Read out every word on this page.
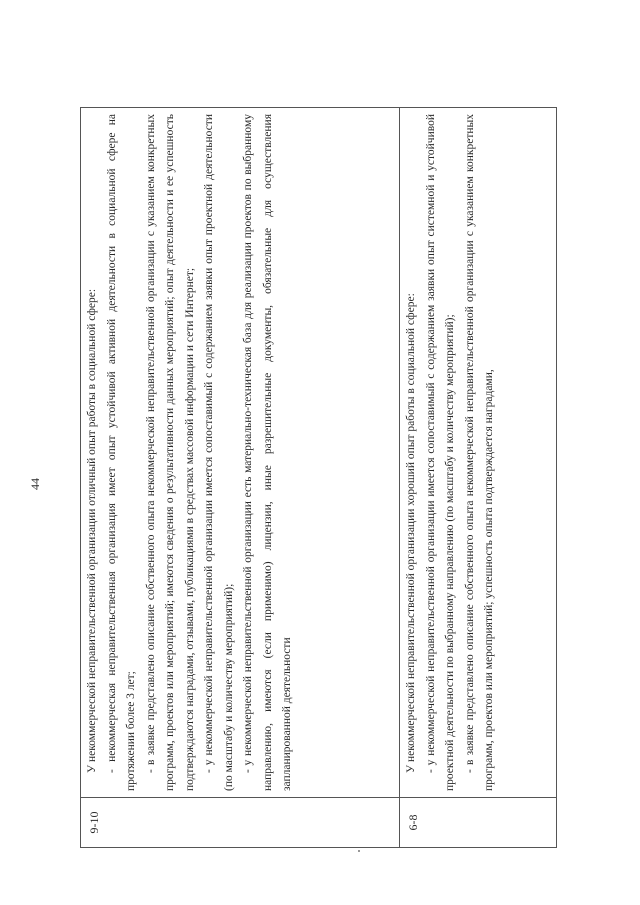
44
9-10	У некоммерческой неправительственной организации отличный опыт работы в социальной сфере: - некоммерческая неправительственная организация имеет опыт устойчивой активной деятельности в социальной сфере на протяжении более 3 лет; - в заявке представлено описание собственного опыта некоммерческой неправительственной организации с указанием конкретных программ, проектов или мероприятий; имеются сведения о результативности данных мероприятий; опыт деятельности и ее успешность подтверждаются наградами, отзывами, публикациями в средствах массовой информации и сети Интернет; - у некоммерческой неправительственной организации имеется сопоставимый с содержанием заявки опыт проектной деятельности (по масштабу и количеству мероприятий); - у некоммерческой неправительственной организации есть материально-техническая база для реализации проектов по выбранному направлению, имеются (если применимо) лицензии, иные разрешительные документы, обязательные для осуществления запланированной деятельности

6-8	У некоммерческой неправительственной организации хороший опыт работы в социальной сфере: - у некоммерческой неправительственной организации имеется сопоставимый с содержанием заявки опыт системной и устойчивой проектной деятельности по выбранному направлению (по масштабу и количеству мероприятий); - в заявке представлено описание собственного опыта некоммерческой неправительственной организации с указанием конкретных программ, проектов или мероприятий; успешность опыта подтверждается наградами,
